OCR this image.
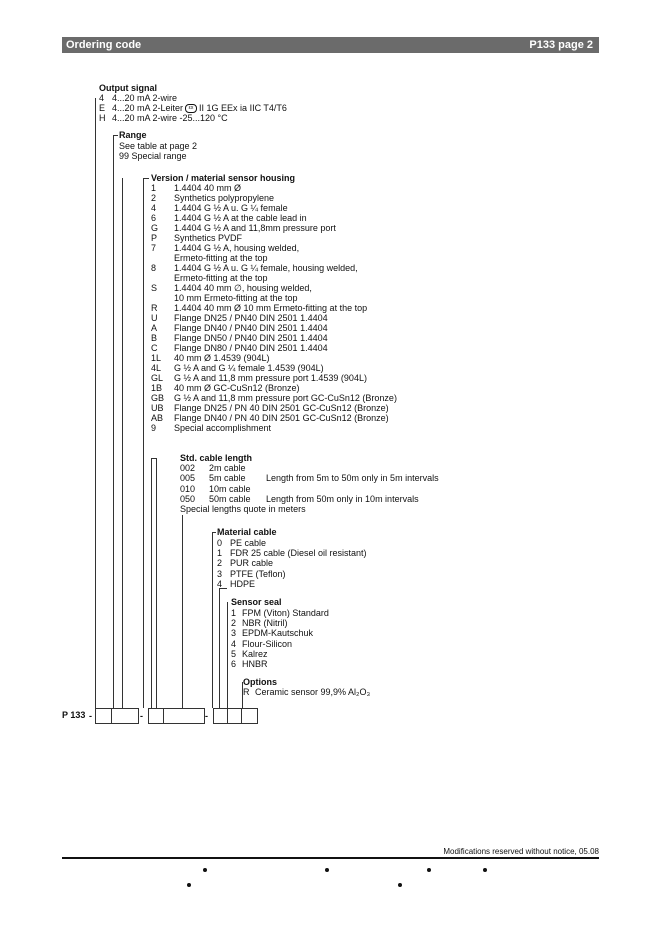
Ordering code	P133 page 2
Output signal
4 4...20 mA 2-wire
E 4...20 mA 2-Leiter εx II 1G EEx ia IIC T4/T6
H 4...20 mA 2-wire -25...120 °C
Range
See table at page 2
99 Special range
Version / material sensor housing
1 1.4404 40 mm Ø
2 Synthetics polypropylene
4 1.4404 G ½ A u. G ¼ female
6 1.4404 G ½ A at the cable lead in
G 1.4404 G ½ A and 11,8mm pressure port
P Synthetics PVDF
7 1.4404 G ½ A, housing welded,
Ermeto-fitting at the top
8 1.4404 G ½ A u. G ¼ female, housing welded,
Ermeto-fitting at the top
S 1.4404 40 mm ∅, housing welded,
10 mm Ermeto-fitting at the top
R 1.4404 40 mm Ø 10 mm Ermeto-fitting at the top
U Flange DN25 / PN40 DIN 2501 1.4404
A Flange DN40 / PN40 DIN 2501 1.4404
B Flange DN50 / PN40 DIN 2501 1.4404
C Flange DN80 / PN40 DIN 2501 1.4404
1L 40 mm Ø 1.4539 (904L)
4L G ½ A and G ¼ female 1.4539 (904L)
GL G ½ A and 11,8 mm pressure port 1.4539 (904L)
1B 40 mm Ø GC-CuSn12 (Bronze)
GB G ½ A and 11,8 mm pressure port GC-CuSn12 (Bronze)
UB Flange DN25 / PN 40 DIN 2501 GC-CuSn12 (Bronze)
AB Flange DN40 / PN 40 DIN 2501 GC-CuSn12 (Bronze)
9 Special accomplishment
Std. cable length
002 2m cable
005 5m cable Length from 5m to 50m only in 5m intervals
010 10m cable
050 50m cable Length from 50m only in 10m intervals
Special lengths quote in meters
Material cable
0 PE cable
1 FDR 25 cable (Diesel oil resistant)
2 PUR cable
3 PTFE (Teflon)
4 HDPE
Sensor seal
1 FPM (Viton) Standard
2 NBR (Nitril)
3 EPDM-Kautschuk
4 Flour-Silicon
5 Kalrez
6 HNBR
Options
R Ceramic sensor 99,9% Al₂O₃
P 133 -	-	-
Modifications reserved without notice, 05.08
